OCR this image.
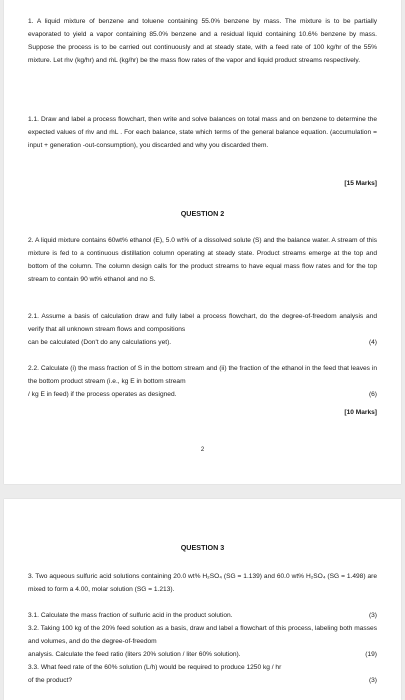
1. A liquid mixture of benzene and toluene containing 55.0% benzene by mass. The mixture is to be partially evaporated to yield a vapor containing 85.0% benzene and a residual liquid containing 10.6% benzene by mass. Suppose the process is to be carried out continuously and at steady state, with a feed rate of 100 kg/hr of the 55% mixture. Let ṁv (kg/hr) and ṁL (kg/hr) be the mass flow rates of the vapor and liquid product streams respectively.

1.1. Draw and label a process flowchart, then write and solve balances on total mass and on benzene to determine the expected values of ṁv and ṁL . For each balance, state which terms of the general balance equation. (accumulation = input + generation -out-consumption), you discarded and why you discarded them.

[15 Marks]

QUESTION 2

2. A liquid mixture contains 60wt% ethanol (E), 5.0 wt% of a dissolved solute (S) and the balance water. A stream of this mixture is fed to a continuous distillation column operating at steady state. Product streams emerge at the top and bottom of the column. The column design calls for the product streams to have equal mass flow rates and for the top stream to contain 90 wt% ethanol and no S.

2.1. Assume a basis of calculation draw and fully label a process flowchart, do the degree-of-freedom analysis and verify that all unknown stream flows and compositions
can be calculated (Don't do any calculations yet).	(4)
2.2. Calculate (i) the mass fraction of S in the bottom stream and (ii) the fraction of the ethanol in the feed that leaves in the bottom product stream (i.e., kg E in bottom stream
/ kg E in feed) if the process operates as designed.	(6)

[10 Marks]

2

QUESTION 3

3. Two aqueous sulfuric acid solutions containing 20.0 wt% H₂SO₄ (SG = 1.139) and 60.0 wt% H₂SO₄ (SG = 1.498) are mixed to form a 4.00, molar solution (SG = 1.213).

3.1. Calculate the mass fraction of sulfuric acid in the product solution.	(3)
3.2. Taking 100 kg of the 20% feed solution as a basis, draw and label a flowchart of this process, labeling both masses and volumes, and do the degree-of-freedom
analysis. Calculate the feed ratio (liters 20% solution / liter 60% solution).	(19)
3.3. What feed rate of the 60% solution (L/h) would be required to produce 1250 kg / hr
of the product?	(3)
